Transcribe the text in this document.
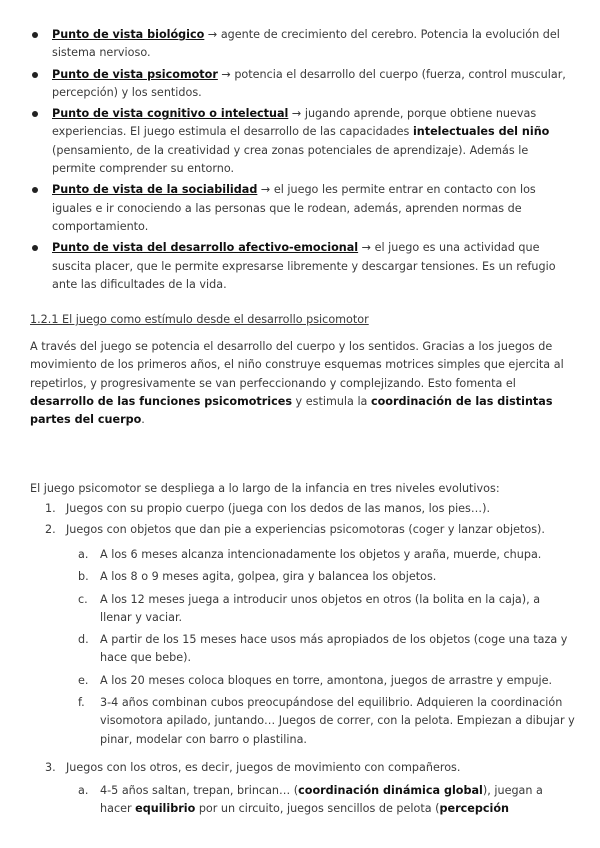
Punto de vista biológico → agente de crecimiento del cerebro. Potencia la evolución del sistema nervioso.
Punto de vista psicomotor → potencia el desarrollo del cuerpo (fuerza, control muscular, percepción) y los sentidos.
Punto de vista cognitivo o intelectual → jugando aprende, porque obtiene nuevas experiencias. El juego estimula el desarrollo de las capacidades intelectuales del niño (pensamiento, de la creatividad y crea zonas potenciales de aprendizaje). Además le permite comprender su entorno.
Punto de vista de la sociabilidad → el juego les permite entrar en contacto con los iguales e ir conociendo a las personas que le rodean, además, aprenden normas de comportamiento.
Punto de vista del desarrollo afectivo-emocional → el juego es una actividad que suscita placer, que le permite expresarse libremente y descargar tensiones. Es un refugio ante las dificultades de la vida.
1.2.1 El juego como estímulo desde el desarrollo psicomotor

A través del juego se potencia el desarrollo del cuerpo y los sentidos. Gracias a los juegos de movimiento de los primeros años, el niño construye esquemas motrices simples que ejercita al repetirlos, y progresivamente se van perfeccionando y complejizando. Esto fomenta el desarrollo de las funciones psicomotrices y estimula la coordinación de las distintas partes del cuerpo.

El juego psicomotor se despliega a lo largo de la infancia en tres niveles evolutivos:

1. Juegos con su propio cuerpo (juega con los dedos de las manos, los pies…).
2. Juegos con objetos que dan pie a experiencias psicomotoras (coger y lanzar objetos).
a. A los 6 meses alcanza intencionadamente los objetos y araña, muerde, chupa.
b. A los 8 o 9 meses agita, golpea, gira y balancea los objetos.
c. A los 12 meses juega a introducir unos objetos en otros (la bolita en la caja), a llenar y vaciar.
d. A partir de los 15 meses hace usos más apropiados de los objetos (coge una taza y hace que bebe).
e. A los 20 meses coloca bloques en torre, amontona, juegos de arrastre y empuje.
f. 3-4 años combinan cubos preocupándose del equilibrio. Adquieren la coordinación visomotora apilado, juntando… Juegos de correr, con la pelota. Empiezan a dibujar y pinar, modelar con barro o plastilina.
3. Juegos con los otros, es decir, juegos de movimiento con compañeros.
a. 4-5 años saltan, trepan, brincan… (coordinación dinámica global), juegan a hacer equilibrio por un circuito, juegos sencillos de pelota (percepción
